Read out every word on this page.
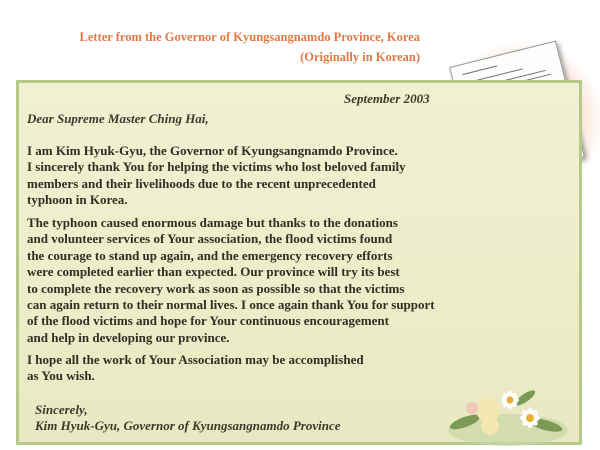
Letter from the Governor of Kyungsangnamdo Province, Korea
(Originally in Korean)
September 2003
Dear Supreme Master Ching Hai,
I am Kim Hyuk-Gyu, the Governor of Kyungsangnamdo Province.
I sincerely thank You for helping the victims who lost beloved family
members and their livelihoods due to the recent unprecedented
typhoon in Korea.
The typhoon caused enormous damage but thanks to the donations
and volunteer services of Your association, the flood victims found
the courage to stand up again, and the emergency recovery efforts
were completed earlier than expected. Our province will try its best
to complete the recovery work as soon as possible so that the victims
can again return to their normal lives. I once again thank You for support
of the flood victims and hope for Your continuous encouragement
and help in developing our province.
I hope all the work of Your Association may be accomplished
as You wish.
Sincerely,
Kim Hyuk-Gyu, Governor of Kyungsangnamdo Province
